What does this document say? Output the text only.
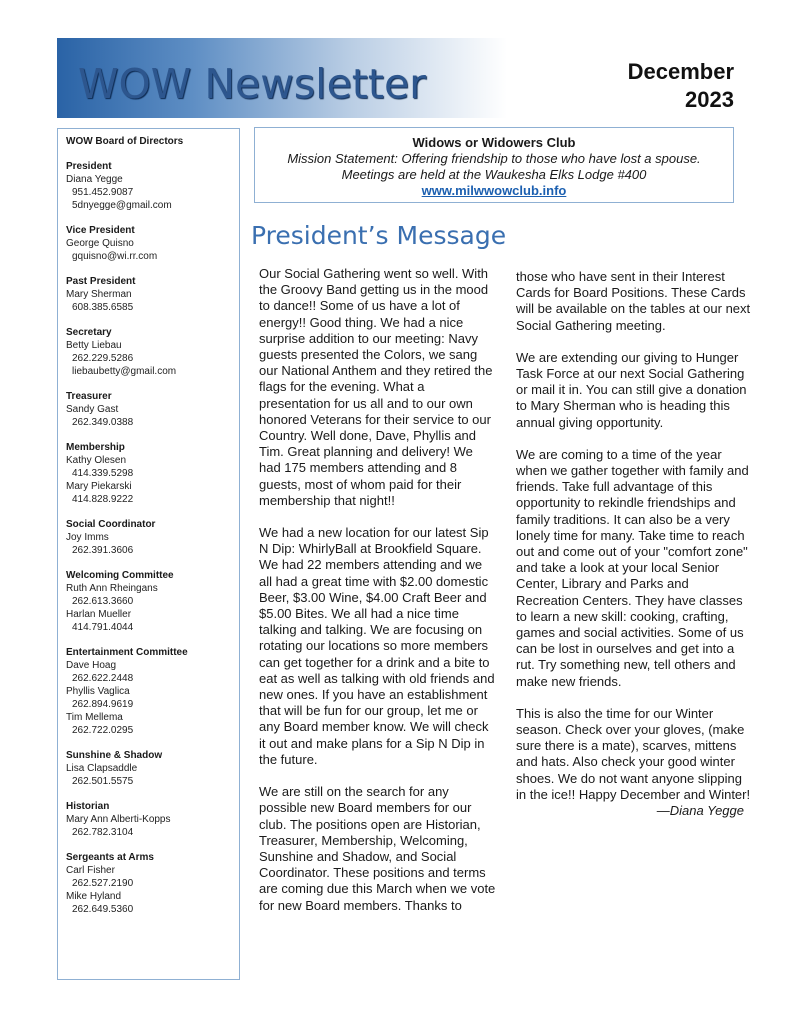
WOW Newsletter	December
2023
WOW Board of Directors
President
Diana Yegge
951.452.9087
5dnyegge@gmail.com
Vice President
George Quisno
gquisno@wi.rr.com
Past President
Mary Sherman
608.385.6585
Secretary
Betty Liebau
262.229.5286
liebaubetty@gmail.com
Treasurer
Sandy Gast
262.349.0388
Membership
Kathy Olesen
414.339.5298
Mary Piekarski
414.828.9222
Social Coordinator
Joy Imms
262.391.3606
Welcoming Committee
Ruth Ann Rheingans
262.613.3660
Harlan Mueller
414.791.4044
Entertainment Committee
Dave Hoag
262.622.2448
Phyllis Vaglica
262.894.9619
Tim Mellema
262.722.0295
Sunshine & Shadow
Lisa Clapsaddle
262.501.5575
Historian
Mary Ann Alberti-Kopps
262.782.3104
Sergeants at Arms
Carl Fisher
262.527.2190
Mike Hyland
262.649.5360
Widows or Widowers Club
Mission Statement: Offering friendship to those who have lost a spouse.
Meetings are held at the Waukesha Elks Lodge #400
www.milwwowclub.info
President’s Message

Our Social Gathering went so well. With the Groovy Band getting us in the mood to dance!! Some of us have a lot of energy!! Good thing. We had a nice surprise addition to our meeting: Navy guests presented the Colors, we sang our National Anthem and they retired the flags for the evening. What a presentation for us all and to our own honored Veterans for their service to our Country. Well done, Dave, Phyllis and Tim. Great planning and delivery! We had 175 members attending and 8 guests, most of whom paid for their membership that night!!

We had a new location for our latest Sip N Dip: WhirlyBall at Brookfield Square. We had 22 members attending and we all had a great time with $2.00 domestic Beer, $3.00 Wine, $4.00 Craft Beer and $5.00 Bites. We all had a nice time talking and talking. We are focusing on rotating our locations so more members can get together for a drink and a bite to eat as well as talking with old friends and new ones. If you have an establishment that will be fun for our group, let me or any Board member know. We will check it out and make plans for a Sip N Dip in the future.

We are still on the search for any possible new Board members for our club. The positions open are Historian, Treasurer, Membership, Welcoming, Sunshine and Shadow, and Social Coordinator. These positions and terms are coming due this March when we vote for new Board members. Thanks to

those who have sent in their Interest Cards for Board Positions. These Cards will be available on the tables at our next Social Gathering meeting.

We are extending our giving to Hunger Task Force at our next Social Gathering or mail it in. You can still give a donation to Mary Sherman who is heading this annual giving opportunity.

We are coming to a time of the year when we gather together with family and friends. Take full advantage of this opportunity to rekindle friendships and family traditions. It can also be a very lonely time for many. Take time to reach out and come out of your "comfort zone" and take a look at your local Senior Center, Library and Parks and Recreation Centers. They have classes to learn a new skill: cooking, crafting, games and social activities. Some of us can be lost in ourselves and get into a rut. Try something new, tell others and make new friends.

This is also the time for our Winter season. Check over your gloves, (make sure there is a mate), scarves, mittens and hats. Also check your good winter shoes. We do not want anyone slipping in the ice!! Happy December and Winter!

—Diana Yegge
